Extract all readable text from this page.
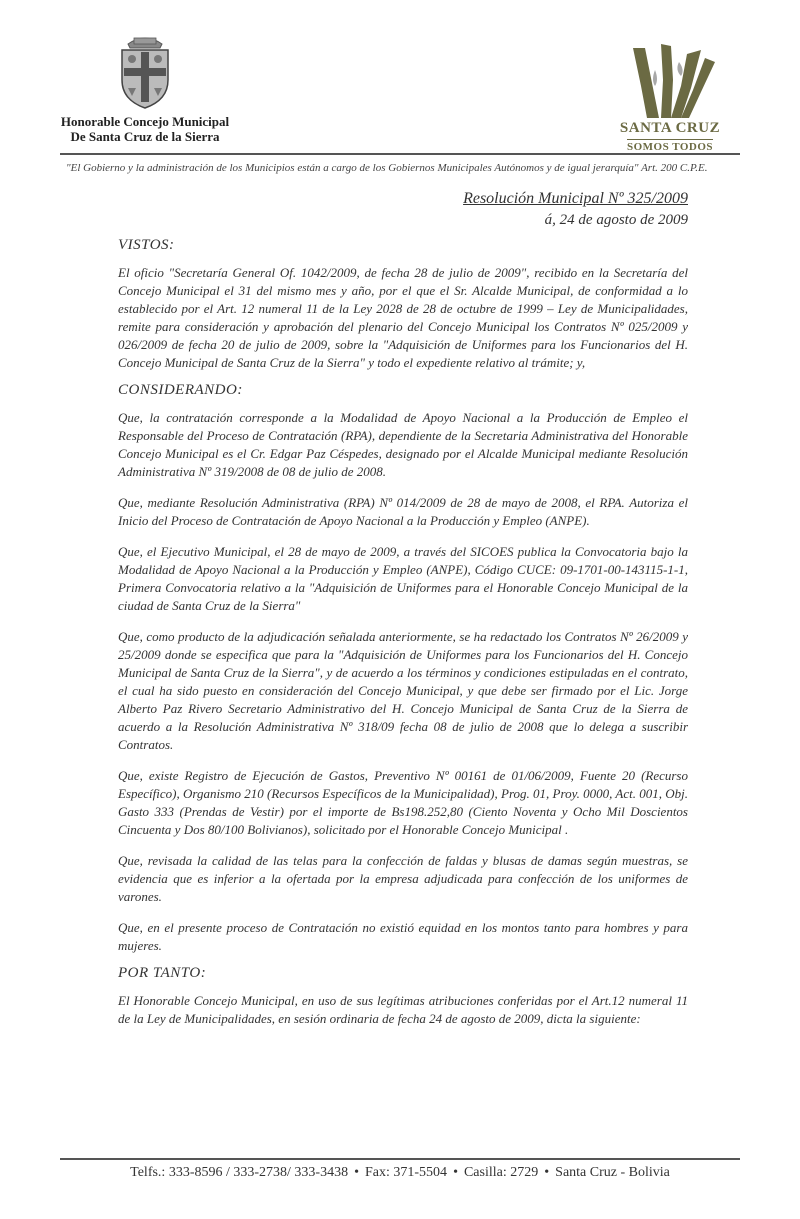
Honorable Concejo Municipal
De Santa Cruz de la Sierra
SANTA CRUZ
SOMOS TODOS
"El Gobierno y la administración de los Municipios están a cargo de los Gobiernos Municipales Autónomos y de igual jerarquía" Art. 200 C.P.E.
Resolución Municipal Nº 325/2009
á, 24 de agosto de 2009

VISTOS:

El oficio "Secretaría General Of. 1042/2009, de fecha 28 de julio de 2009", recibido en la Secretaría del Concejo Municipal el 31 del mismo mes y año, por el que el Sr. Alcalde Municipal, de conformidad a lo establecido por el Art. 12 numeral 11 de la Ley 2028 de 28 de octubre de 1999 – Ley de Municipalidades, remite para consideración y aprobación del plenario del Concejo Municipal los Contratos Nº 025/2009 y 026/2009 de fecha 20 de julio de 2009, sobre la "Adquisición de Uniformes para los Funcionarios del H. Concejo Municipal de Santa Cruz de la Sierra" y todo el expediente relativo al trámite; y,

CONSIDERANDO:

Que, la contratación corresponde a la Modalidad de Apoyo Nacional a la Producción de Empleo el Responsable del Proceso de Contratación (RPA), dependiente de la Secretaria Administrativa del Honorable Concejo Municipal es el Cr. Edgar Paz Céspedes, designado por el Alcalde Municipal mediante Resolución Administrativa Nº 319/2008 de 08 de julio de 2008.

Que, mediante Resolución Administrativa (RPA) Nº 014/2009 de 28 de mayo de 2008, el RPA. Autoriza el Inicio del Proceso de Contratación de Apoyo Nacional a la Producción y Empleo (ANPE).

Que, el Ejecutivo Municipal, el 28 de mayo de 2009, a través del SICOES publica la Convocatoria bajo la Modalidad de Apoyo Nacional a la Producción y Empleo (ANPE), Código CUCE: 09-1701-00-143115-1-1, Primera Convocatoria relativo a la "Adquisición de Uniformes para el Honorable Concejo Municipal de la ciudad de Santa Cruz de la Sierra"

Que, como producto de la adjudicación señalada anteriormente, se ha redactado los Contratos Nº 26/2009 y 25/2009 donde se especifica que para la "Adquisición de Uniformes para los Funcionarios del H. Concejo Municipal de Santa Cruz de la Sierra", y de acuerdo a los términos y condiciones estipuladas en el contrato, el cual ha sido puesto en consideración del Concejo Municipal, y que debe ser firmado por el Lic. Jorge Alberto Paz Rivero Secretario Administrativo del H. Concejo Municipal de Santa Cruz de la Sierra de acuerdo a la Resolución Administrativa Nº 318/09 fecha 08 de julio de 2008 que lo delega a suscribir Contratos.

Que, existe Registro de Ejecución de Gastos, Preventivo Nº 00161 de 01/06/2009, Fuente 20 (Recurso Específico), Organismo 210 (Recursos Específicos de la Municipalidad), Prog. 01, Proy. 0000, Act. 001, Obj. Gasto 333 (Prendas de Vestir) por el importe de Bs198.252,80 (Ciento Noventa y Ocho Mil Doscientos Cincuenta y Dos 80/100 Bolivianos), solicitado por el Honorable Concejo Municipal .

Que, revisada la calidad de las telas para la confección de faldas y blusas de damas según muestras, se evidencia que es inferior a la ofertada por la empresa adjudicada para confección de los uniformes de varones.

Que, en el presente proceso de Contratación no existió equidad en los montos tanto para hombres y para mujeres.

POR TANTO:

El Honorable Concejo Municipal, en uso de sus legítimas atribuciones conferidas por el Art.12 numeral 11 de la Ley de Municipalidades, en sesión ordinaria de fecha 24 de agosto de 2009, dicta la siguiente:

Telfs.: 333-8596 / 333-2738/ 333-3438 • Fax: 371-5504 • Casilla: 2729 • Santa Cruz - Bolivia
